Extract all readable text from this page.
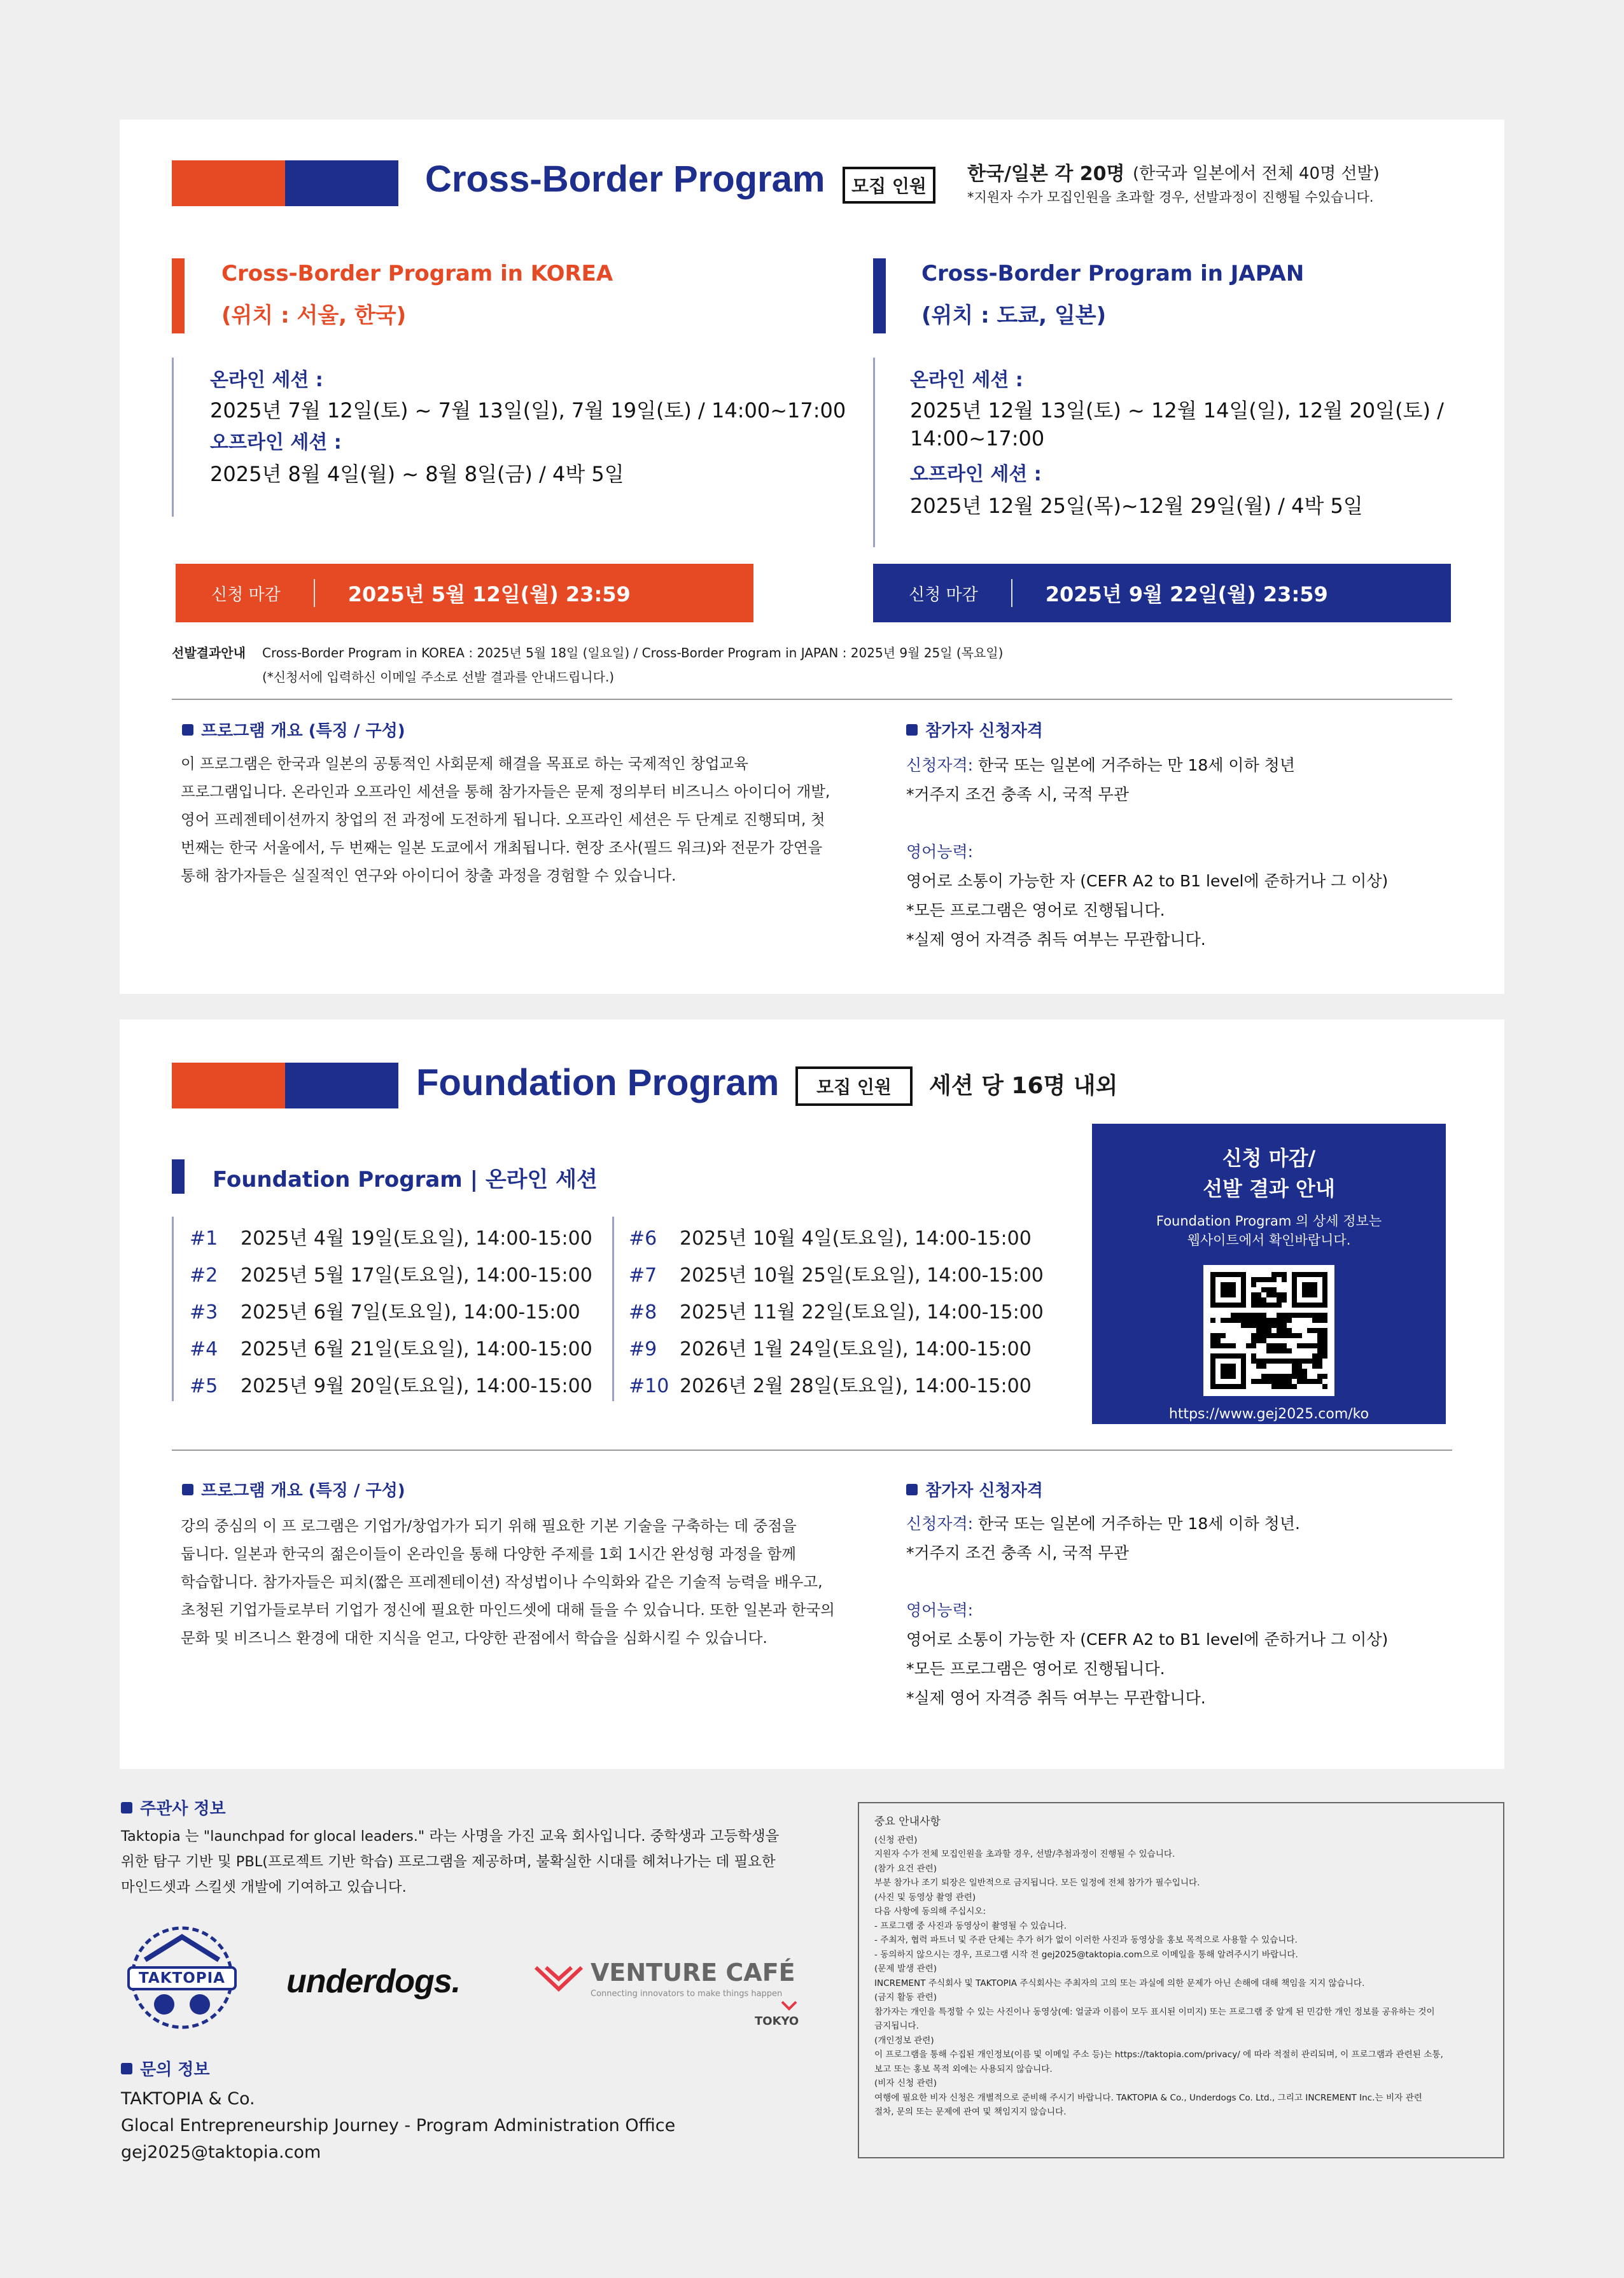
Cross-Border Program	모집 인원
한국/일본 각 20명 (한국과 일본에서 전체 40명 선발)
*지원자 수가 모집인원을 초과할 경우, 선발과정이 진행될 수있습니다.
Cross-Border Program in KOREA
(위치 : 서울, 한국)
온라인 세션 :
2025년 7월 12일(토) ~ 7월 13일(일), 7월 19일(토) / 14:00~17:00
오프라인 세션 :
2025년 8월 4일(월) ~ 8월 8일(금) / 4박 5일
Cross-Border Program in JAPAN
(위치 : 도쿄, 일본)
온라인 세션 :
2025년 12월 13일(토) ~ 12월 14일(일), 12월 20일(토) /
14:00~17:00
오프라인 세션 :
2025년 12월 25일(목)~12월 29일(월) / 4박 5일
신청 마감	2025년 5월 12일(월) 23:59	신청 마감	2025년 9월 22일(월) 23:59
선발결과안내 Cross-Border Program in KOREA : 2025년 5월 18일 (일요일) / Cross-Border Program in JAPAN : 2025년 9월 25일 (목요일)
(*신청서에 입력하신 이메일 주소로 선발 결과를 안내드립니다.)
프로그램 개요 (특징 / 구성)
이 프로그램은 한국과 일본의 공통적인 사회문제 해결을 목표로 하는 국제적인 창업교육
프로그램입니다. 온라인과 오프라인 세션을 통해 참가자들은 문제 정의부터 비즈니스 아이디어 개발,
영어 프레젠테이션까지 창업의 전 과정에 도전하게 됩니다. 오프라인 세션은 두 단계로 진행되며, 첫
번째는 한국 서울에서, 두 번째는 일본 도쿄에서 개최됩니다. 현장 조사(필드 워크)와 전문가 강연을
통해 참가자들은 실질적인 연구와 아이디어 창출 과정을 경험할 수 있습니다.
참가자 신청자격
신청자격: 한국 또는 일본에 거주하는 만 18세 이하 청년
*거주지 조건 충족 시, 국적 무관
영어능력:
영어로 소통이 가능한 자 (CEFR A2 to B1 level에 준하거나 그 이상)
*모든 프로그램은 영어로 진행됩니다.
*실제 영어 자격증 취득 여부는 무관합니다.
Foundation Program	모집 인원	세션 당 16명 내외
Foundation Program | 온라인 세션
#1 2025년 4월 19일(토요일), 14:00-15:00
#2 2025년 5월 17일(토요일), 14:00-15:00
#3 2025년 6월 7일(토요일), 14:00-15:00
#4 2025년 6월 21일(토요일), 14:00-15:00
#5 2025년 9월 20일(토요일), 14:00-15:00
#6 2025년 10월 4일(토요일), 14:00-15:00
#7 2025년 10월 25일(토요일), 14:00-15:00
#8 2025년 11월 22일(토요일), 14:00-15:00
#9 2026년 1월 24일(토요일), 14:00-15:00
#10 2026년 2월 28일(토요일), 14:00-15:00
신청 마감/
선발 결과 안내
Foundation Program 의 상세 정보는
웹사이트에서 확인바랍니다.
https://www.gej2025.com/ko
프로그램 개요 (특징 / 구성)
강의 중심의 이 프 로그램은 기업가/창업가가 되기 위해 필요한 기본 기술을 구축하는 데 중점을
둡니다. 일본과 한국의 젊은이들이 온라인을 통해 다양한 주제를 1회 1시간 완성형 과정을 함께
학습합니다. 참가자들은 피치(짧은 프레젠테이션) 작성법이나 수익화와 같은 기술적 능력을 배우고,
초청된 기업가들로부터 기업가 정신에 필요한 마인드셋에 대해 들을 수 있습니다. 또한 일본과 한국의
문화 및 비즈니스 환경에 대한 지식을 얻고, 다양한 관점에서 학습을 심화시킬 수 있습니다.
참가자 신청자격
신청자격: 한국 또는 일본에 거주하는 만 18세 이하 청년.
*거주지 조건 충족 시, 국적 무관
영어능력:
영어로 소통이 가능한 자 (CEFR A2 to B1 level에 준하거나 그 이상)
*모든 프로그램은 영어로 진행됩니다.
*실제 영어 자격증 취득 여부는 무관합니다.
주관사 정보
Taktopia 는 "launchpad for glocal leaders." 라는 사명을 가진 교육 회사입니다. 중학생과 고등학생을
위한 탐구 기반 및 PBL(프로젝트 기반 학습) 프로그램을 제공하며, 불확실한 시대를 헤쳐나가는 데 필요한
마인드셋과 스킬셋 개발에 기여하고 있습니다.
TAKTOPIA	underdogs.	VENTURE CAFÉ
Connecting innovators to make things happen
TOKYO
문의 정보
TAKTOPIA & Co.
Glocal Entrepreneurship Journey - Program Administration Office
gej2025@taktopia.com
중요 안내사항
(신청 관련)
지원자 수가 전체 모집인원을 초과할 경우, 선발/추첨과정이 진행될 수 있습니다.
(참가 요건 관련)
부분 참가나 조기 퇴장은 일반적으로 금지됩니다. 모든 일정에 전체 참가가 필수입니다.
(사진 및 동영상 촬영 관련)
다음 사항에 동의해 주십시오:
- 프로그램 중 사진과 동영상이 촬영될 수 있습니다.
- 주최자, 협력 파트너 및 주관 단체는 추가 허가 없이 이러한 사진과 동영상을 홍보 목적으로 사용할 수 있습니다.
- 동의하지 않으시는 경우, 프로그램 시작 전 gej2025@taktopia.com으로 이메일을 통해 알려주시기 바랍니다.
(문제 발생 관련)
INCREMENT 주식회사 및 TAKTOPIA 주식회사는 주최자의 고의 또는 과실에 의한 문제가 아닌 손해에 대해 책임을 지지 않습니다.
(금지 활동 관련)
참가자는 개인을 특정할 수 있는 사진이나 동영상(예: 얼굴과 이름이 모두 표시된 이미지) 또는 프로그램 중 알게 된 민감한 개인 정보를 공유하는 것이
금지됩니다.
(개인정보 관련)
이 프로그램을 통해 수집된 개인정보(이름 및 이메일 주소 등)는 https://taktopia.com/privacy/ 에 따라 적절히 관리되며, 이 프로그램과 관련된 소통,
보고 또는 홍보 목적 외에는 사용되지 않습니다.
(비자 신청 관련)
여행에 필요한 비자 신청은 개별적으로 준비해 주시기 바랍니다. TAKTOPIA & Co., Underdogs Co. Ltd., 그리고 INCREMENT Inc.는 비자 관련
절차, 문의 또는 문제에 관여 및 책임지지 않습니다.
